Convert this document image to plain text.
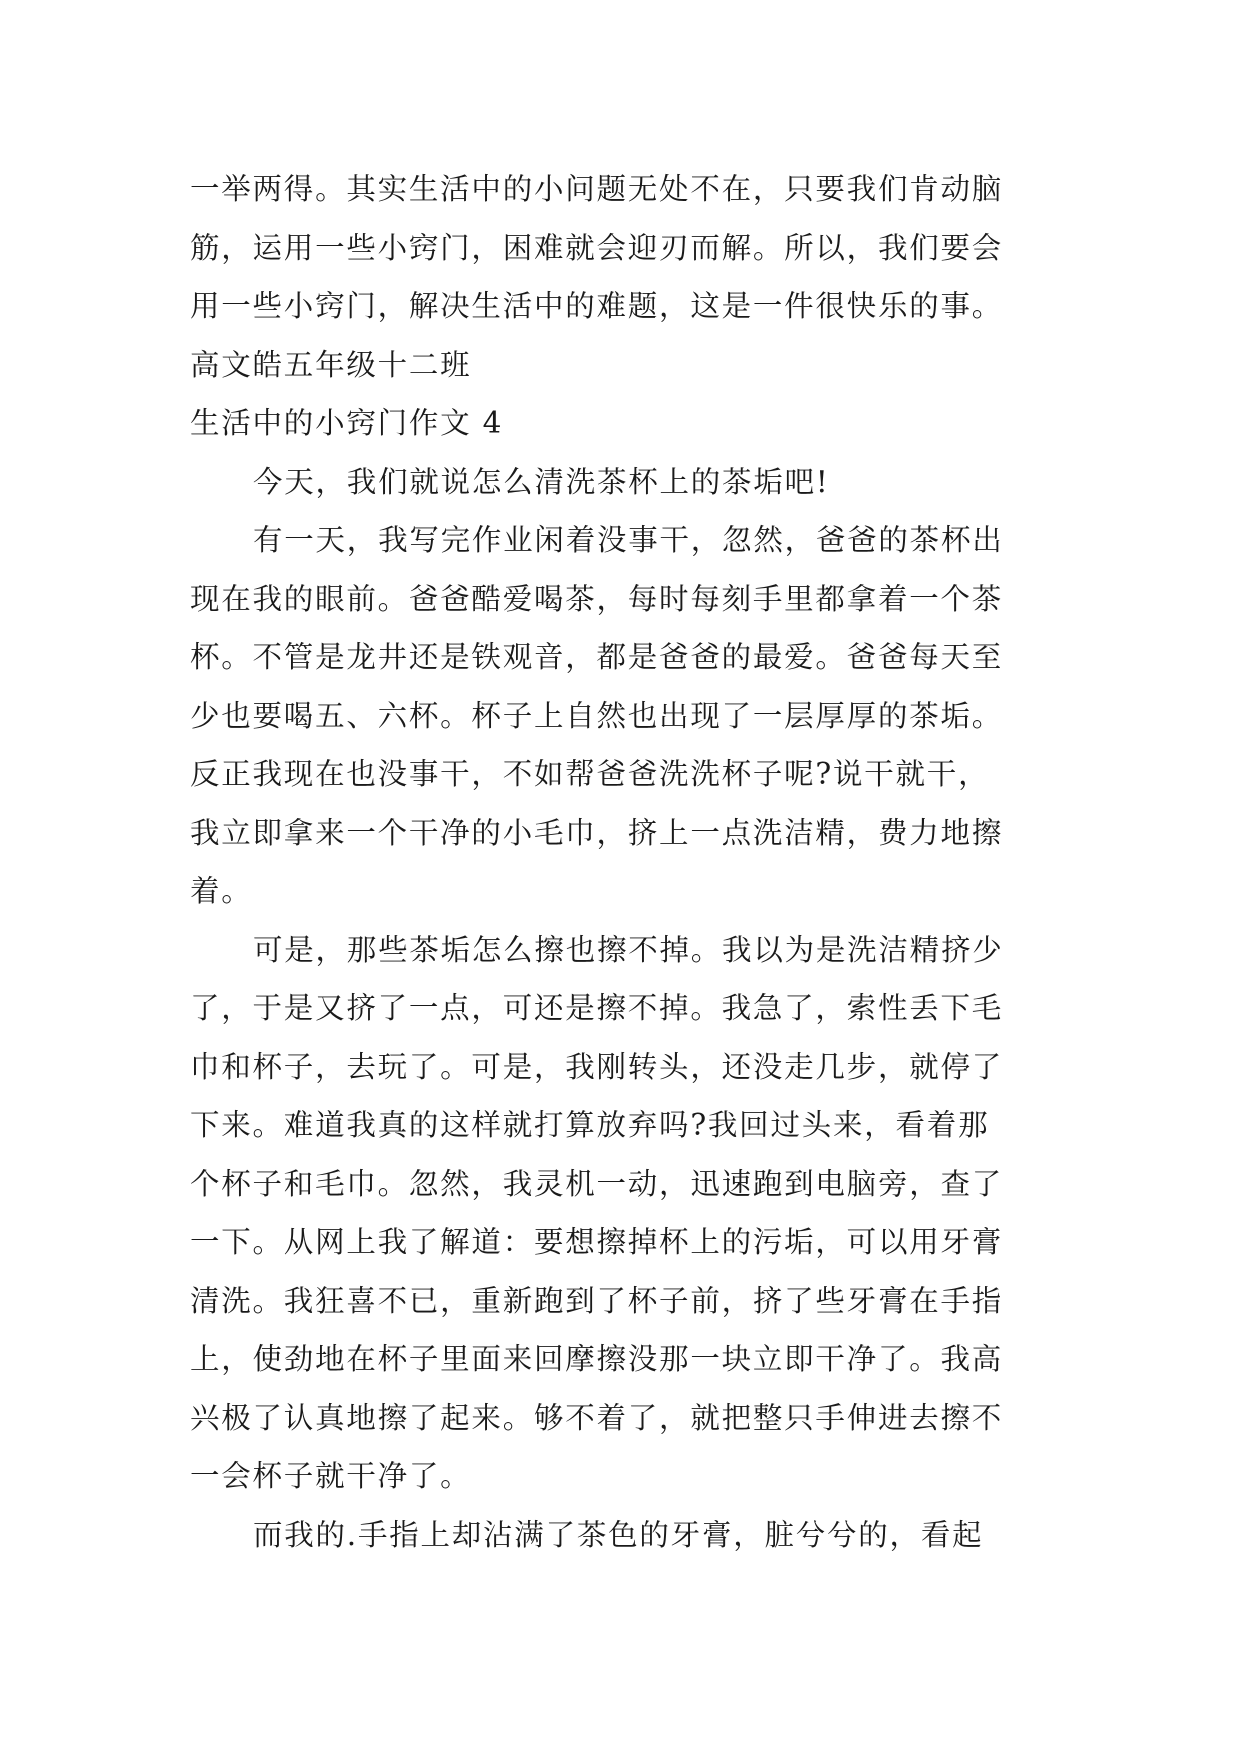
一举两得。其实生活中的小问题无处不在，只要我们肯动脑
筋，运用一些小窍门，困难就会迎刃而解。所以，我们要会
用一些小窍门，解决生活中的难题，这是一件很快乐的事。
高文皓五年级十二班
生活中的小窍门作文 4
今天，我们就说怎么清洗茶杯上的茶垢吧!
有一天，我写完作业闲着没事干，忽然，爸爸的茶杯出
现在我的眼前。爸爸酷爱喝茶，每时每刻手里都拿着一个茶
杯。不管是龙井还是铁观音，都是爸爸的最爱。爸爸每天至
少也要喝五、六杯。杯子上自然也出现了一层厚厚的茶垢。
反正我现在也没事干，不如帮爸爸洗洗杯子呢?说干就干，
我立即拿来一个干净的小毛巾，挤上一点洗洁精，费力地擦
着。
可是，那些茶垢怎么擦也擦不掉。我以为是洗洁精挤少
了，于是又挤了一点，可还是擦不掉。我急了，索性丢下毛
巾和杯子，去玩了。可是，我刚转头，还没走几步，就停了
下来。难道我真的这样就打算放弃吗?我回过头来，看着那
个杯子和毛巾。忽然，我灵机一动，迅速跑到电脑旁，查了
一下。从网上我了解道：要想擦掉杯上的污垢，可以用牙膏
清洗。我狂喜不已，重新跑到了杯子前，挤了些牙膏在手指
上，使劲地在杯子里面来回摩擦没那一块立即干净了。我高
兴极了认真地擦了起来。够不着了，就把整只手伸进去擦不
一会杯子就干净了。
而我的.手指上却沾满了茶色的牙膏，脏兮兮的，看起
